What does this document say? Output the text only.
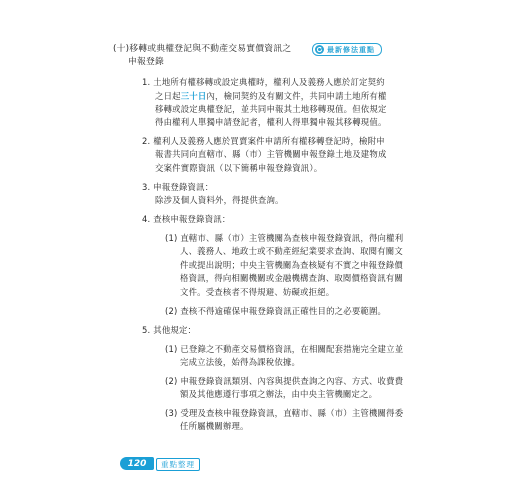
(十)移轉或典權登記與不動產交易實價資訊之
申報登錄
最新修法重點
1. 土地所有權移轉或設定典權時，權利人及義務人應於訂定契約
之日起三十日內，檢同契約及有關文件，共同申請土地所有權
移轉或設定典權登記，並共同申報其土地移轉現值。但依規定
得由權利人單獨申請登記者，權利人得單獨申報其移轉現值。
2. 權利人及義務人應於買賣案件申請所有權移轉登記時，檢附申
報書共同向直轄市、縣（市）主管機關申報登錄土地及建物成
交案件實際資訊（以下簡稱申報登錄資訊）。
3. 申報登錄資訊：
除涉及個人資料外，得提供查詢。
4. 查核申報登錄資訊：
(1) 直轄市、縣（市）主管機關為查核申報登錄資訊，得向權利
人、義務人、地政士或不動產經紀業要求查詢、取閱有關文
件或提出說明；中央主管機關為查核疑有不實之申報登錄價
格資訊，得向相關機關或金融機構查詢、取閱價格資訊有關
文件。受查核者不得規避、妨礙或拒絕。
(2) 查核不得逾確保申報登錄資訊正確性目的之必要範圍。
5. 其他規定：
(1) 已登錄之不動產交易價格資訊，在相關配套措施完全建立並
完成立法後，始得為課稅依據。
(2) 申報登錄資訊類別、內容與提供查詢之內容、方式、收費費
額及其他應遵行事項之辦法，由中央主管機關定之。
(3) 受理及查核申報登錄資訊，直轄市、縣（市）主管機關得委
任所屬機關辦理。
120	重點整理
